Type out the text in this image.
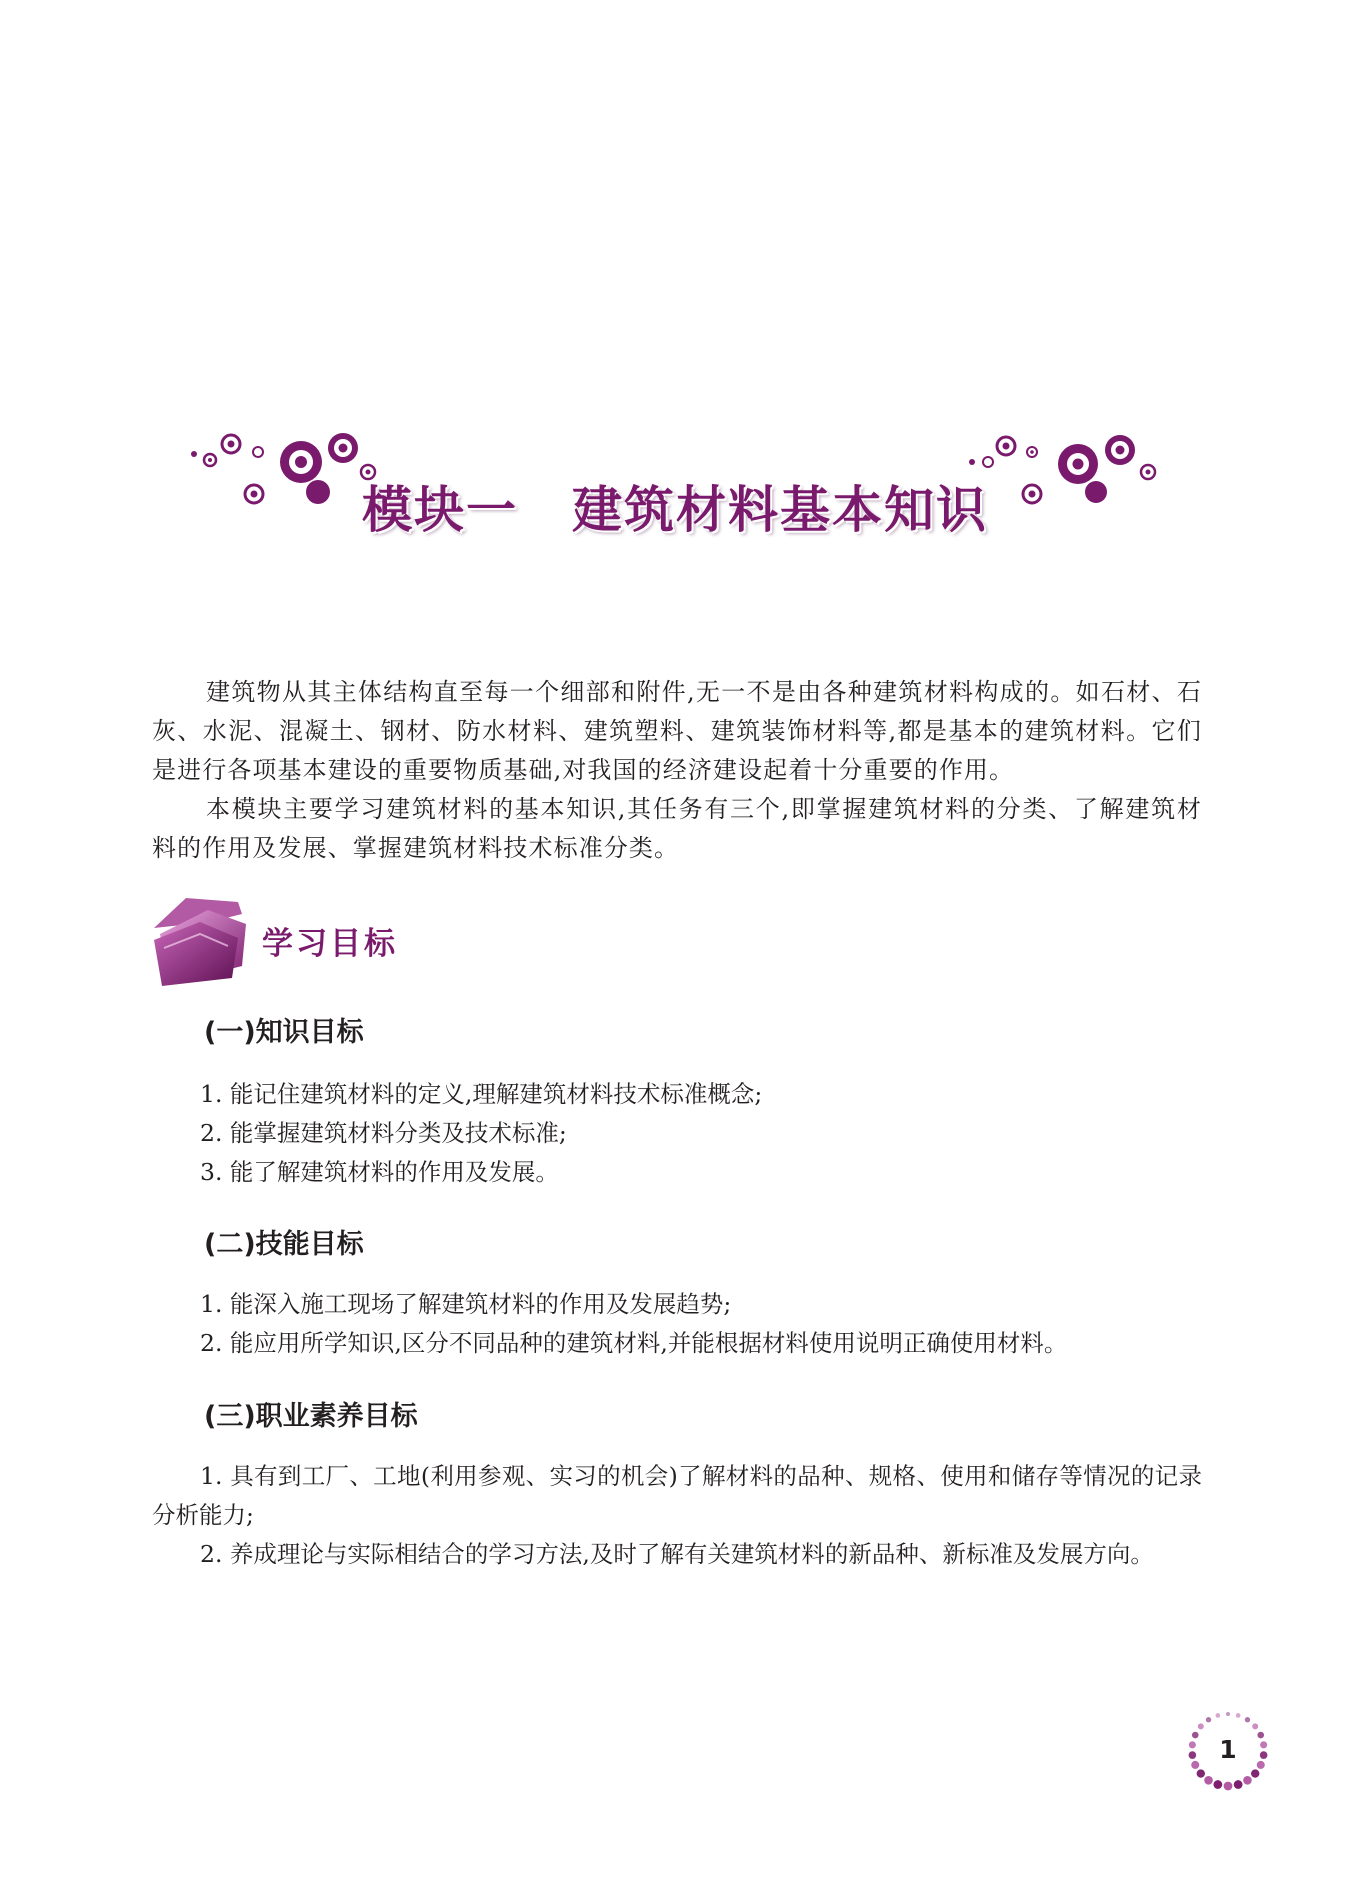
模块一 建筑材料基本知识

建筑物从其主体结构直至每一个细部和附件,无一不是由各种建筑材料构成的。如石材、石灰、水泥、混凝土、钢材、防水材料、建筑塑料、建筑装饰材料等,都是基本的建筑材料。它们是进行各项基本建设的重要物质基础,对我国的经济建设起着十分重要的作用。

本模块主要学习建筑材料的基本知识,其任务有三个,即掌握建筑材料的分类、了解建筑材料的作用及发展、掌握建筑材料技术标准分类。

学习目标
(一)知识目标

1. 能记住建筑材料的定义,理解建筑材料技术标准概念;

2. 能掌握建筑材料分类及技术标准;

3. 能了解建筑材料的作用及发展。

(二)技能目标

1. 能深入施工现场了解建筑材料的作用及发展趋势;

2. 能应用所学知识,区分不同品种的建筑材料,并能根据材料使用说明正确使用材料。

(三)职业素养目标

1. 具有到工厂、工地(利用参观、实习的机会)了解材料的品种、规格、使用和储存等情况的记录分析能力;

2. 养成理论与实际相结合的学习方法,及时了解有关建筑材料的新品种、新标准及发展方向。

1
